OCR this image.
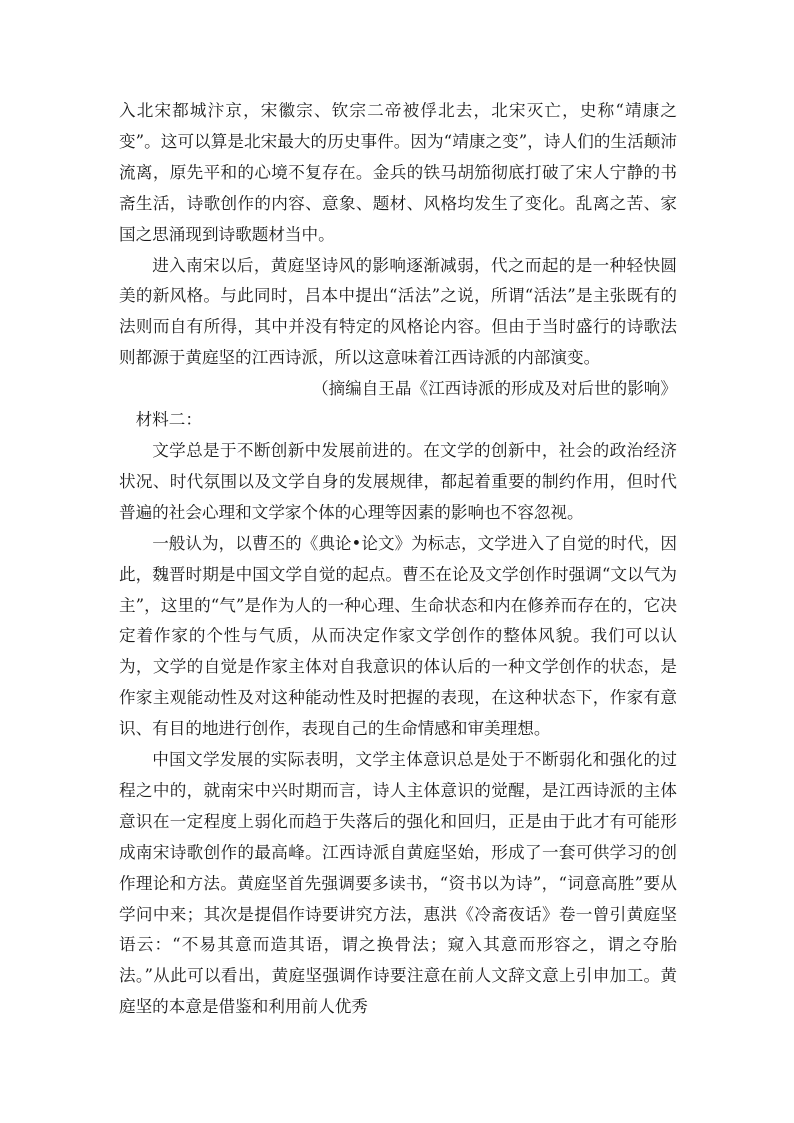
入北宋都城汴京，宋徽宗、钦宗二帝被俘北去，北宋灭亡，史称“靖康之变”。这可以算是北宋最大的历史事件。因为“靖康之变”，诗人们的生活颠沛流离，原先平和的心境不复存在。金兵的铁马胡笳彻底打破了宋人宁静的书斋生活，诗歌创作的内容、意象、题材、风格均发生了变化。乱离之苦、家国之思涌现到诗歌题材当中。

进入南宋以后，黄庭坚诗风的影响逐渐减弱，代之而起的是一种轻快圆美的新风格。与此同时，吕本中提出“活法”之说，所谓“活法”是主张既有的法则而自有所得，其中并没有特定的风格论内容。但由于当时盛行的诗歌法则都源于黄庭坚的江西诗派，所以这意味着江西诗派的内部演变。

（摘编自王晶《江西诗派的形成及对后世的影响》

材料二：

文学总是于不断创新中发展前进的。在文学的创新中，社会的政治经济状况、时代氛围以及文学自身的发展规律，都起着重要的制约作用，但时代普遍的社会心理和文学家个体的心理等因素的影响也不容忽视。

一般认为，以曹丕的《典论•论文》为标志，文学进入了自觉的时代，因此，魏晋时期是中国文学自觉的起点。曹丕在论及文学创作时强调“文以气为主”，这里的“气”是作为人的一种心理、生命状态和内在修养而存在的，它决定着作家的个性与气质，从而决定作家文学创作的整体风貌。我们可以认为，文学的自觉是作家主体对自我意识的体认后的一种文学创作的状态，是作家主观能动性及对这种能动性及时把握的表现，在这种状态下，作家有意识、有目的地进行创作，表现自己的生命情感和审美理想。

中国文学发展的实际表明，文学主体意识总是处于不断弱化和强化的过程之中的，就南宋中兴时期而言，诗人主体意识的觉醒，是江西诗派的主体意识在一定程度上弱化而趋于失落后的强化和回归，正是由于此才有可能形成南宋诗歌创作的最高峰。江西诗派自黄庭坚始，形成了一套可供学习的创作理论和方法。黄庭坚首先强调要多读书，“资书以为诗”，“词意高胜”要从学问中来；其次是提倡作诗要讲究方法，惠洪《冷斋夜话》卷一曾引黄庭坚语云：“不易其意而造其语，谓之换骨法；窥入其意而形容之，谓之夺胎法。”从此可以看出，黄庭坚强调作诗要注意在前人文辞文意上引申加工。黄庭坚的本意是借鉴和利用前人优秀
